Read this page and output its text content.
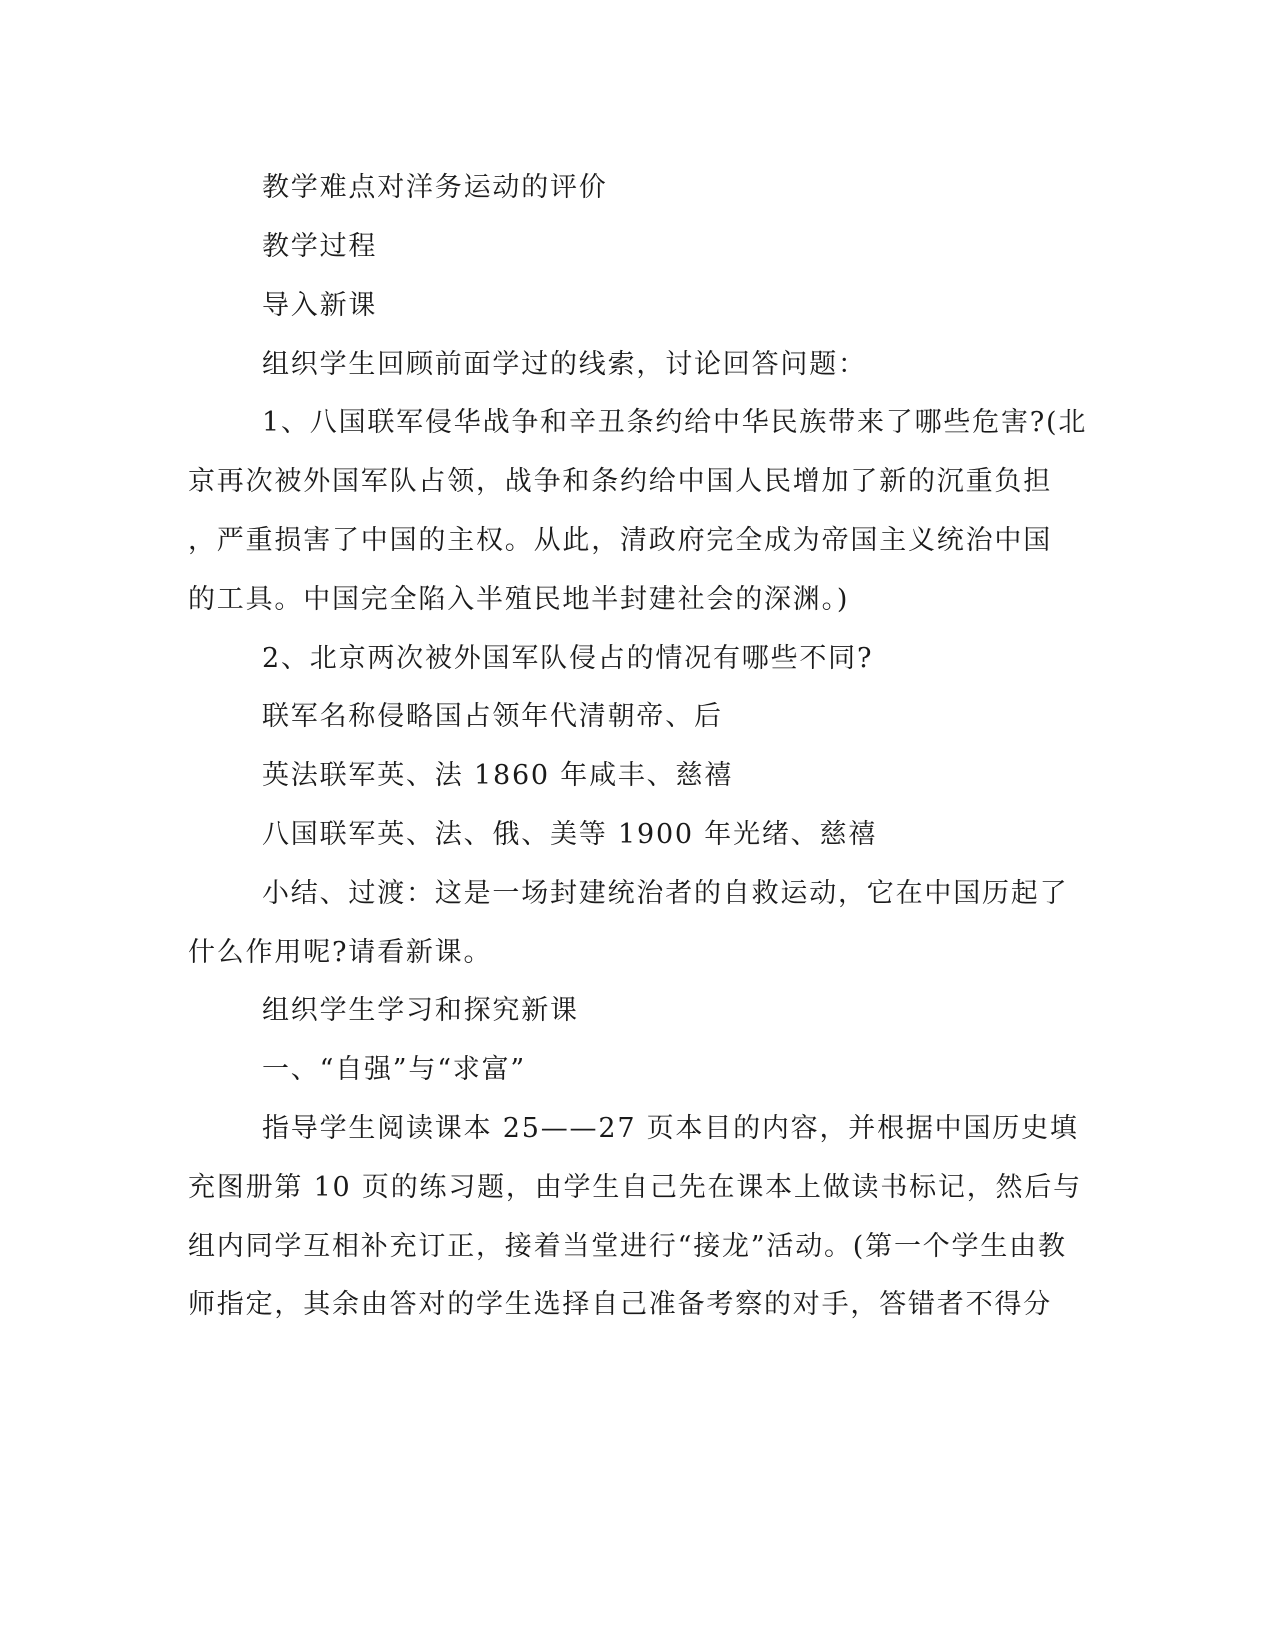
教学难点对洋务运动的评价

教学过程

导入新课

组织学生回顾前面学过的线索，讨论回答问题：

1、八国联军侵华战争和辛丑条约给中华民族带来了哪些危害?(北

京再次被外国军队占领，战争和条约给中国人民增加了新的沉重负担

，严重损害了中国的主权。从此，清政府完全成为帝国主义统治中国

的工具。中国完全陷入半殖民地半封建社会的深渊。)

2、北京两次被外国军队侵占的情况有哪些不同?

联军名称侵略国占领年代清朝帝、后

英法联军英、法 1860 年咸丰、慈禧

八国联军英、法、俄、美等 1900 年光绪、慈禧

小结、过渡：这是一场封建统治者的自救运动，它在中国历起了

什么作用呢?请看新课。

组织学生学习和探究新课

一、“自强”与“求富”

指导学生阅读课本 25——27 页本目的内容，并根据中国历史填

充图册第 10 页的练习题，由学生自己先在课本上做读书标记，然后与

组内同学互相补充订正，接着当堂进行“接龙”活动。(第一个学生由教

师指定，其余由答对的学生选择自己准备考察的对手，答错者不得分
